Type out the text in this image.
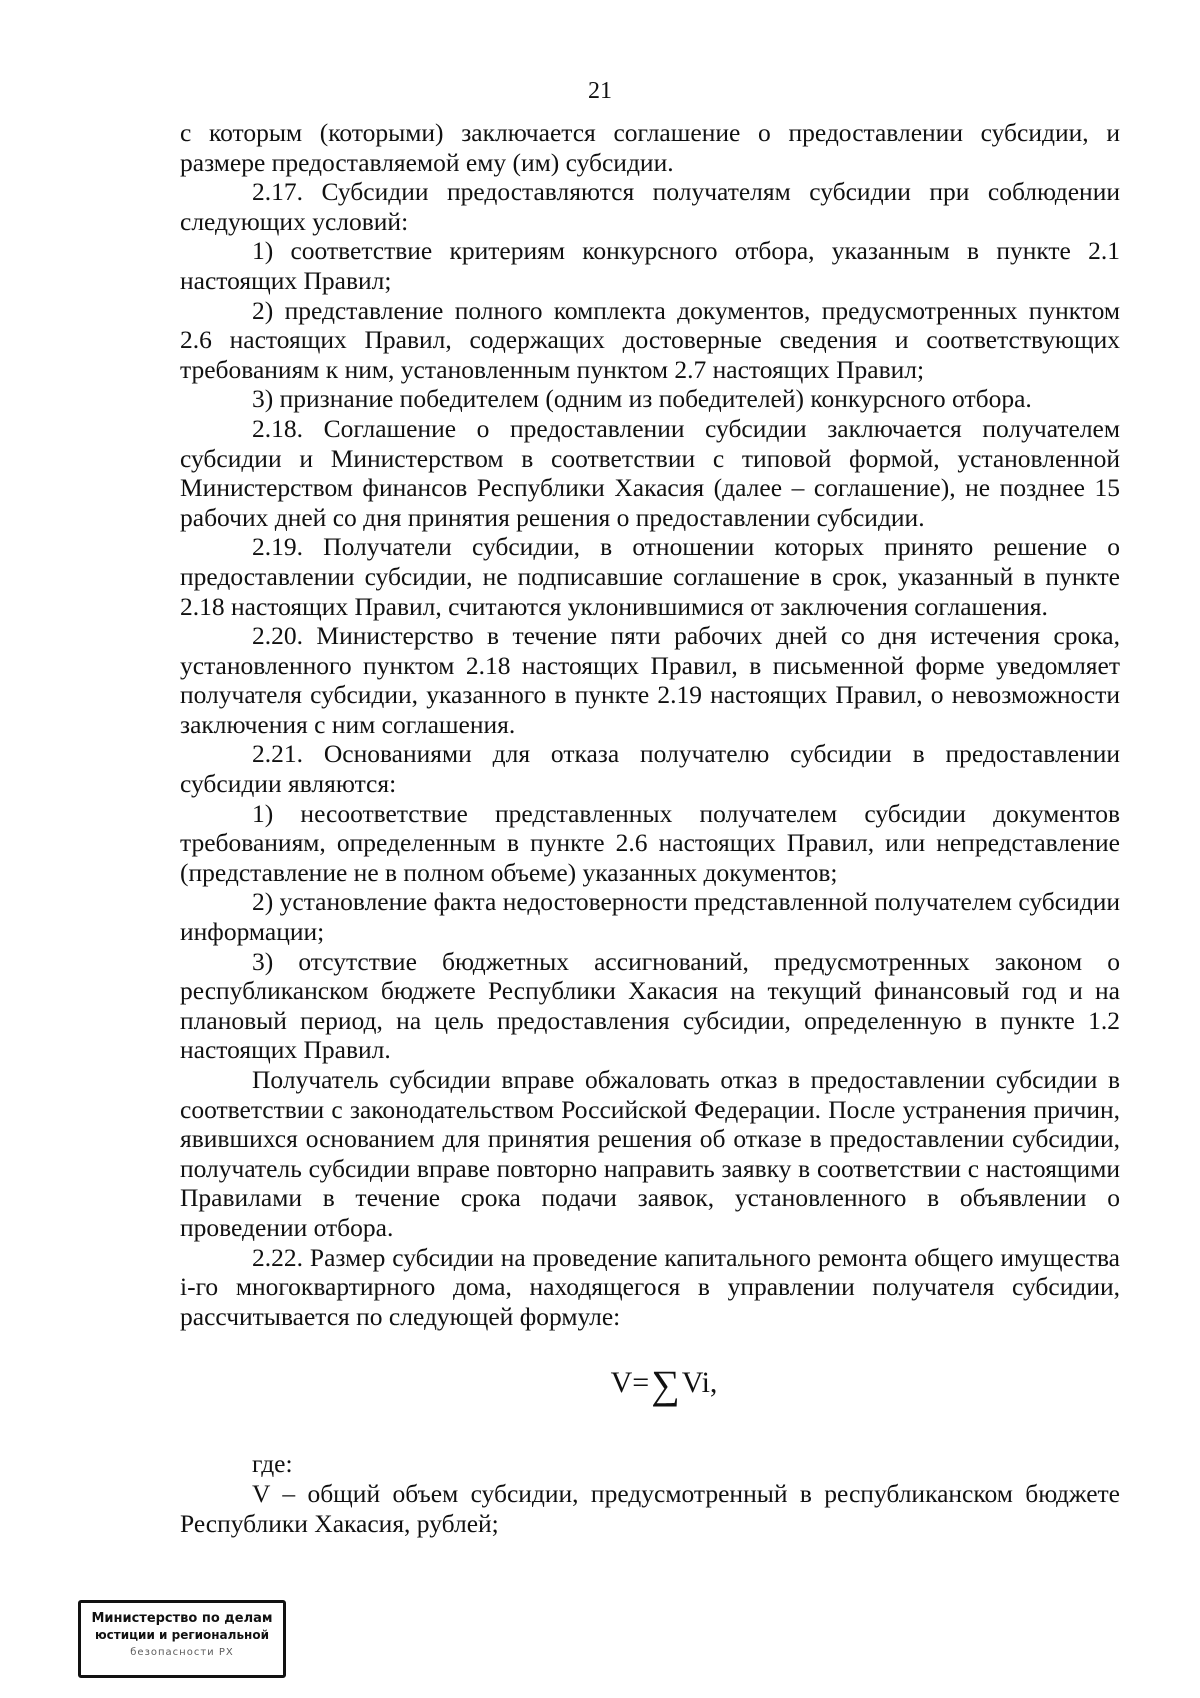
21

с которым (которыми) заключается соглашение о предоставлении субсидии, и размере предоставляемой ему (им) субсидии.

2.17. Субсидии предоставляются получателям субсидии при соблюдении следующих условий:

1) соответствие критериям конкурсного отбора, указанным в пункте 2.1 настоящих Правил;

2) представление полного комплекта документов, предусмотренных пунктом 2.6 настоящих Правил, содержащих достоверные сведения и соответствующих требованиям к ним, установленным пунктом 2.7 настоящих Правил;

3) признание победителем (одним из победителей) конкурсного отбора.

2.18. Соглашение о предоставлении субсидии заключается получателем субсидии и Министерством в соответствии с типовой формой, установленной Министерством финансов Республики Хакасия (далее – соглашение), не позднее 15 рабочих дней со дня принятия решения о предоставлении субсидии.

2.19. Получатели субсидии, в отношении которых принято решение о предоставлении субсидии, не подписавшие соглашение в срок, указанный в пункте 2.18 настоящих Правил, считаются уклонившимися от заключения соглашения.

2.20. Министерство в течение пяти рабочих дней со дня истечения срока, установленного пунктом 2.18 настоящих Правил, в письменной форме уведомляет получателя субсидии, указанного в пункте 2.19 настоящих Правил, о невозможности заключения с ним соглашения.

2.21. Основаниями для отказа получателю субсидии в предоставлении субсидии являются:

1) несоответствие представленных получателем субсидии документов требованиям, определенным в пункте 2.6 настоящих Правил, или непредставление (представление не в полном объеме) указанных документов;

2) установление факта недостоверности представленной получателем субсидии информации;

3) отсутствие бюджетных ассигнований, предусмотренных законом о республиканском бюджете Республики Хакасия на текущий финансовый год и на плановый период, на цель предоставления субсидии, определенную в пункте 1.2 настоящих Правил.

Получатель субсидии вправе обжаловать отказ в предоставлении субсидии в соответствии с законодательством Российской Федерации. После устранения причин, явившихся основанием для принятия решения об отказе в предоставлении субсидии, получатель субсидии вправе повторно направить заявку в соответствии с настоящими Правилами в течение срока подачи заявок, установленного в объявлении о проведении отбора.

2.22. Размер субсидии на проведение капитального ремонта общего имущества i-го многоквартирного дома, находящегося в управлении получателя субсидии, рассчитывается по следующей формуле:

V=∑Vi,

где:

V – общий объем субсидии, предусмотренный в республиканском бюджете Республики Хакасия, рублей;

Министерство по делам
юстиции и региональной
безопасности РХ
